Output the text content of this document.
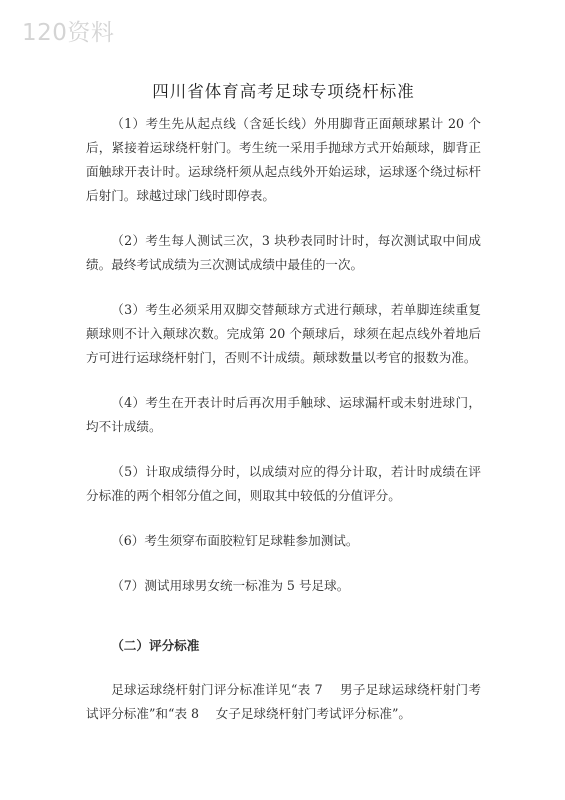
120资料
四川省体育高考足球专项绕杆标准

（1）考生先从起点线（含延长线）外用脚背正面颠球累计 20 个后，紧接着运球绕杆射门。考生统一采用手抛球方式开始颠球，脚背正面触球开表计时。运球绕杆须从起点线外开始运球，运球逐个绕过标杆后射门。球越过球门线时即停表。

（2）考生每人测试三次，3 块秒表同时计时，每次测试取中间成绩。最终考试成绩为三次测试成绩中最佳的一次。

（3）考生必须采用双脚交替颠球方式进行颠球，若单脚连续重复颠球则不计入颠球次数。完成第 20 个颠球后，球须在起点线外着地后方可进行运球绕杆射门，否则不计成绩。颠球数量以考官的报数为准。

（4）考生在开表计时后再次用手触球、运球漏杆或未射进球门，均不计成绩。

（5）计取成绩得分时，以成绩对应的得分计取，若计时成绩在评分标准的两个相邻分值之间，则取其中较低的分值评分。

（6）考生须穿布面胶粒钉足球鞋参加测试。

（7）测试用球男女统一标准为 5 号足球。

（二）评分标准

足球运球绕杆射门评分标准详见“表 7　 男子足球运球绕杆射门考试评分标准”和“表 8　 女子足球绕杆射门考试评分标准”。
